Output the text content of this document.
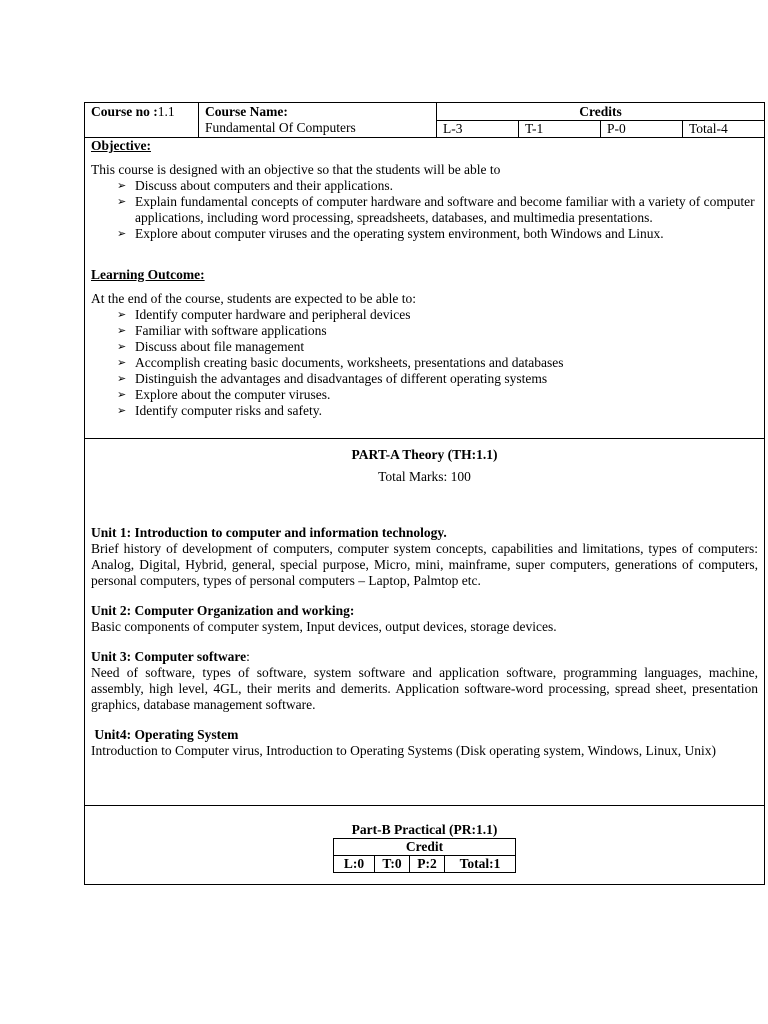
Course no :1.1	Course Name:
Fundamental Of Computers
	Credits
L-3	T-1	P-0	Total-4

Objective:
This course is designed with an objective so that the students will be able to
➢ Discuss about computers and their applications.
➢ Explain fundamental concepts of computer hardware and software and become familiar with a variety of computer applications, including word processing, spreadsheets, databases, and multimedia presentations.
➢ Explore about computer viruses and the operating system environment, both Windows and Linux.
Learning Outcome:
At the end of the course, students are expected to be able to:
➢ Identify computer hardware and peripheral devices
➢ Familiar with software applications
➢ Discuss about file management
➢ Accomplish creating basic documents, worksheets, presentations and databases
➢ Distinguish the advantages and disadvantages of different operating systems
➢ Explore about the computer viruses.
➢ Identify computer risks and safety.

PART-A Theory (TH:1.1)
Total Marks: 100
Unit 1: Introduction to computer and information technology.
Brief history of development of computers, computer system concepts, capabilities and limitations, types of computers: Analog, Digital, Hybrid, general, special purpose, Micro, mini, mainframe, super computers, generations of computers, personal computers, types of personal computers – Laptop, Palmtop etc.
Unit 2: Computer Organization and working:
Basic components of computer system, Input devices, output devices, storage devices.
Unit 3: Computer software:
Need of software, types of software, system software and application software, programming languages, machine, assembly, high level, 4GL, their merits and demerits. Application software-word processing, spread sheet, presentation graphics, database management software.
Unit4: Operating System
Introduction to Computer virus, Introduction to Operating Systems (Disk operating system, Windows, Linux, Unix)

Part-B Practical (PR:1.1)
Credit
L:0	T:0	P:2	Total:1
